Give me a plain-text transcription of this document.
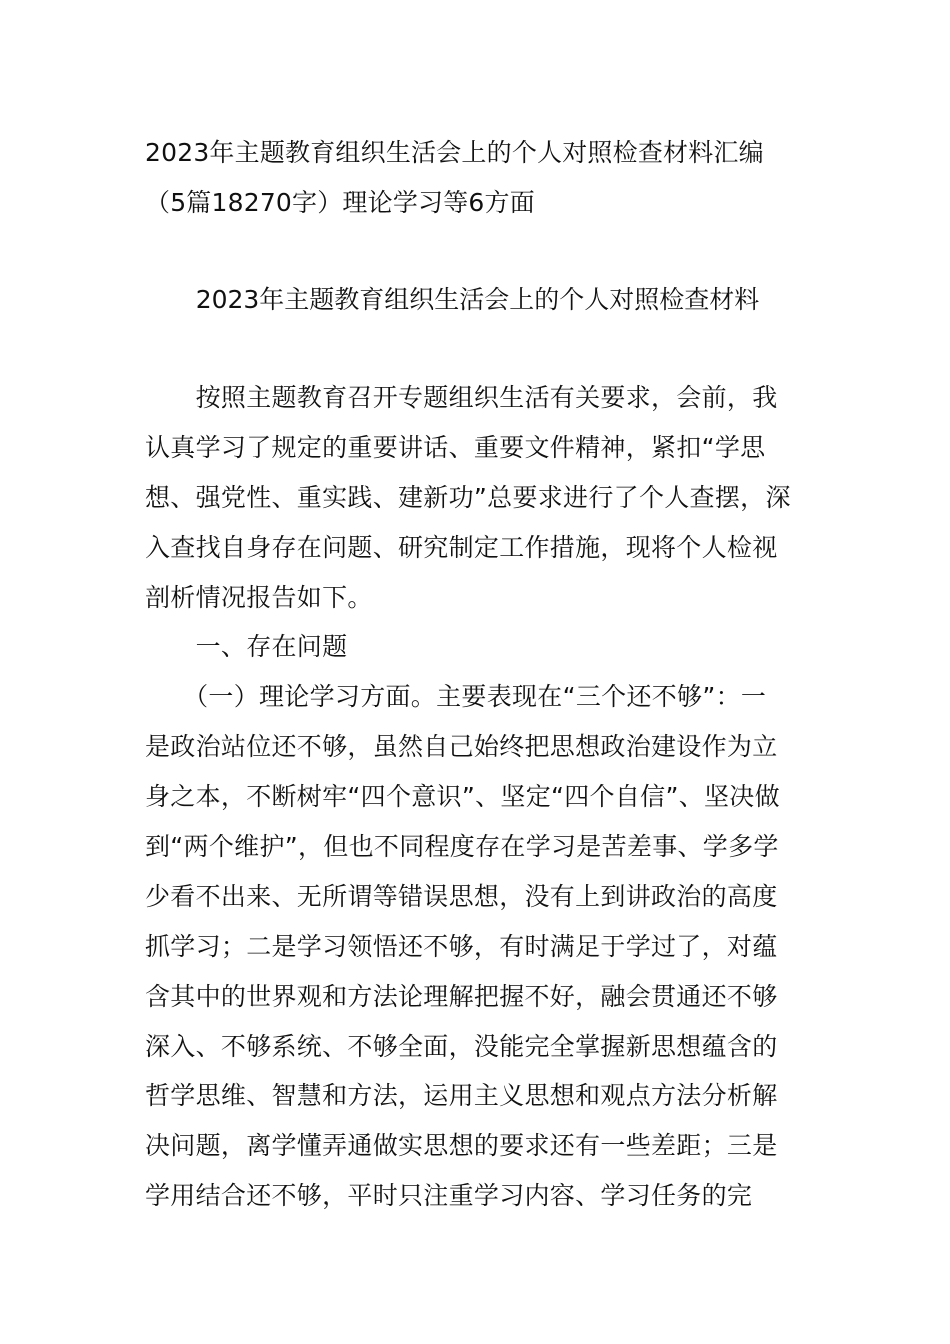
2023年主题教育组织生活会上的个人对照检查材料汇编
（5篇18270字）理论学习等6方面
2023年主题教育组织生活会上的个人对照检查材料
　　按照主题教育召开专题组织生活有关要求，会前，我
认真学习了规定的重要讲话、重要文件精神，紧扣“学思
想、强党性、重实践、建新功”总要求进行了个人查摆，深
入查找自身存在问题、研究制定工作措施，现将个人检视
剖析情况报告如下。
　　一、存在问题
　　（一）理论学习方面。主要表现在“三个还不够”：一
是政治站位还不够，虽然自己始终把思想政治建设作为立
身之本，不断树牢“四个意识”、坚定“四个自信”、坚决做
到“两个维护”，但也不同程度存在学习是苦差事、学多学
少看不出来、无所谓等错误思想，没有上到讲政治的高度
抓学习；二是学习领悟还不够，有时满足于学过了，对蕴
含其中的世界观和方法论理解把握不好，融会贯通还不够
深入、不够系统、不够全面，没能完全掌握新思想蕴含的
哲学思维、智慧和方法，运用主义思想和观点方法分析解
决问题，离学懂弄通做实思想的要求还有一些差距；三是
学用结合还不够，平时只注重学习内容、学习任务的完
